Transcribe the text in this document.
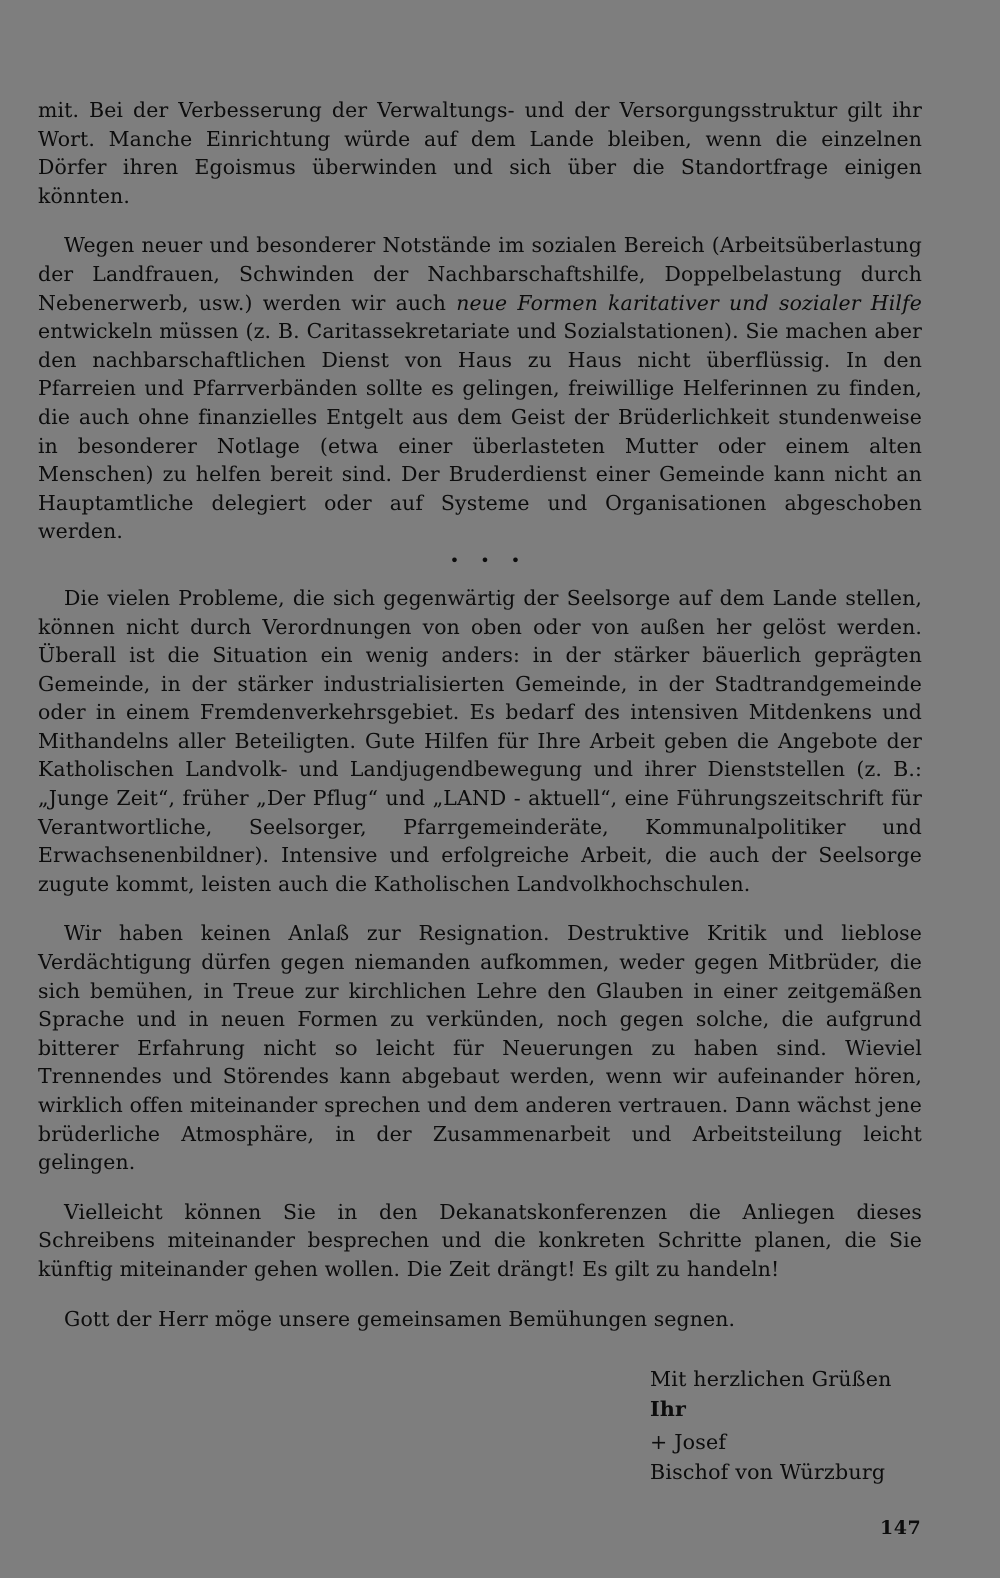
mit. Bei der Verbesserung der Verwaltungs- und der Versorgungsstruktur gilt ihr Wort. Manche Einrichtung würde auf dem Lande bleiben, wenn die einzelnen Dörfer ihren Egoismus überwinden und sich über die Standortfrage einigen könnten.

Wegen neuer und besonderer Notstände im sozialen Bereich (Arbeitsüberlastung der Landfrauen, Schwinden der Nachbarschaftshilfe, Doppelbelastung durch Nebenerwerb, usw.) werden wir auch neue Formen karitativer und sozialer Hilfe entwickeln müssen (z. B. Caritassekretariate und Sozialstationen). Sie machen aber den nachbarschaftlichen Dienst von Haus zu Haus nicht überflüssig. In den Pfarreien und Pfarrverbänden sollte es gelingen, freiwillige Helferinnen zu finden, die auch ohne finanzielles Entgelt aus dem Geist der Brüderlichkeit stundenweise in besonderer Notlage (etwa einer überlasteten Mutter oder einem alten Menschen) zu helfen bereit sind. Der Bruderdienst einer Gemeinde kann nicht an Hauptamtliche delegiert oder auf Systeme und Organisationen abgeschoben werden.

• • •

Die vielen Probleme, die sich gegenwärtig der Seelsorge auf dem Lande stellen, können nicht durch Verordnungen von oben oder von außen her gelöst werden. Überall ist die Situation ein wenig anders: in der stärker bäuerlich geprägten Gemeinde, in der stärker industrialisierten Gemeinde, in der Stadtrandgemeinde oder in einem Fremdenverkehrsgebiet. Es bedarf des intensiven Mitdenkens und Mithandelns aller Beteiligten. Gute Hilfen für Ihre Arbeit geben die Angebote der Katholischen Landvolk- und Landjugendbewegung und ihrer Dienststellen (z. B.: „Junge Zeit“, früher „Der Pflug“ und „LAND - aktuell“, eine Führungszeitschrift für Verantwortliche, Seelsorger, Pfarrgemeinderäte, Kommunalpolitiker und Erwachsenenbildner). Intensive und erfolgreiche Arbeit, die auch der Seelsorge zugute kommt, leisten auch die Katholischen Landvolkhochschulen.

Wir haben keinen Anlaß zur Resignation. Destruktive Kritik und lieblose Verdächtigung dürfen gegen niemanden aufkommen, weder gegen Mitbrüder, die sich bemühen, in Treue zur kirchlichen Lehre den Glauben in einer zeitgemäßen Sprache und in neuen Formen zu verkünden, noch gegen solche, die aufgrund bitterer Erfahrung nicht so leicht für Neuerungen zu haben sind. Wieviel Trennendes und Störendes kann abgebaut werden, wenn wir aufeinander hören, wirklich offen miteinander sprechen und dem anderen vertrauen. Dann wächst jene brüderliche Atmosphäre, in der Zusammenarbeit und Arbeitsteilung leicht gelingen.

Vielleicht können Sie in den Dekanatskonferenzen die Anliegen dieses Schreibens miteinander besprechen und die konkreten Schritte planen, die Sie künftig miteinander gehen wollen. Die Zeit drängt! Es gilt zu handeln!

Gott der Herr möge unsere gemeinsamen Bemühungen segnen.

Mit herzlichen Grüßen
Ihr
+ Josef
Bischof von Würzburg
147
